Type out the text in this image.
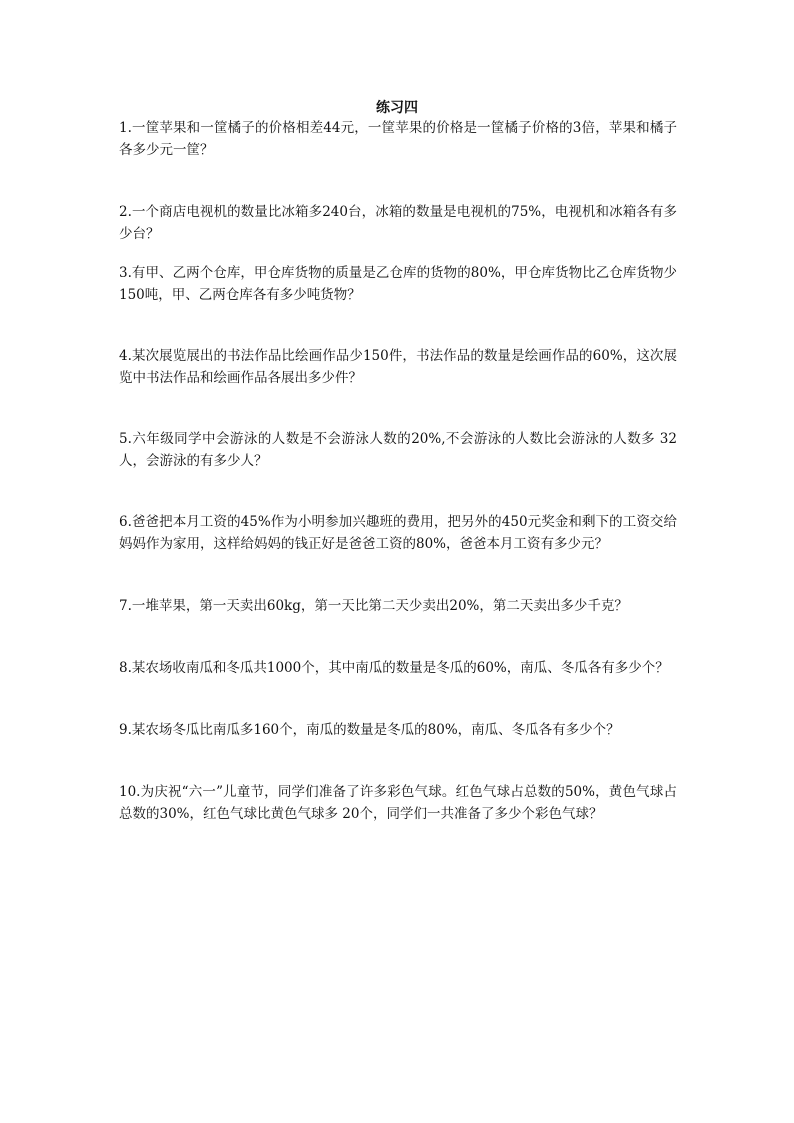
练习四

1.一筐苹果和一筐橘子的价格相差44元，一筐苹果的价格是一筐橘子价格的3倍，苹果和橘子各多少元一筐？

2.一个商店电视机的数量比冰箱多240台，冰箱的数量是电视机的75%，电视机和冰箱各有多少台？

3.有甲、乙两个仓库，甲仓库货物的质量是乙仓库的货物的80%，甲仓库货物比乙仓库货物少150吨，甲、乙两仓库各有多少吨货物？

4.某次展览展出的书法作品比绘画作品少150件，书法作品的数量是绘画作品的60%，这次展览中书法作品和绘画作品各展出多少件？

5.六年级同学中会游泳的人数是不会游泳人数的20%,不会游泳的人数比会游泳的人数多 32人，会游泳的有多少人？

6.爸爸把本月工资的45%作为小明参加兴趣班的费用，把另外的450元奖金和剩下的工资交给妈妈作为家用，这样给妈妈的钱正好是爸爸工资的80%，爸爸本月工资有多少元？

7.一堆苹果，第一天卖出60kg，第一天比第二天少卖出20%，第二天卖出多少千克？

8.某农场收南瓜和冬瓜共1000个，其中南瓜的数量是冬瓜的60%，南瓜、冬瓜各有多少个？

9.某农场冬瓜比南瓜多160个，南瓜的数量是冬瓜的80%，南瓜、冬瓜各有多少个？

10.为庆祝“六一”儿童节，同学们准备了许多彩色气球。红色气球占总数的50%，黄色气球占总数的30%，红色气球比黄色气球多 20个，同学们一共准备了多少个彩色气球？
